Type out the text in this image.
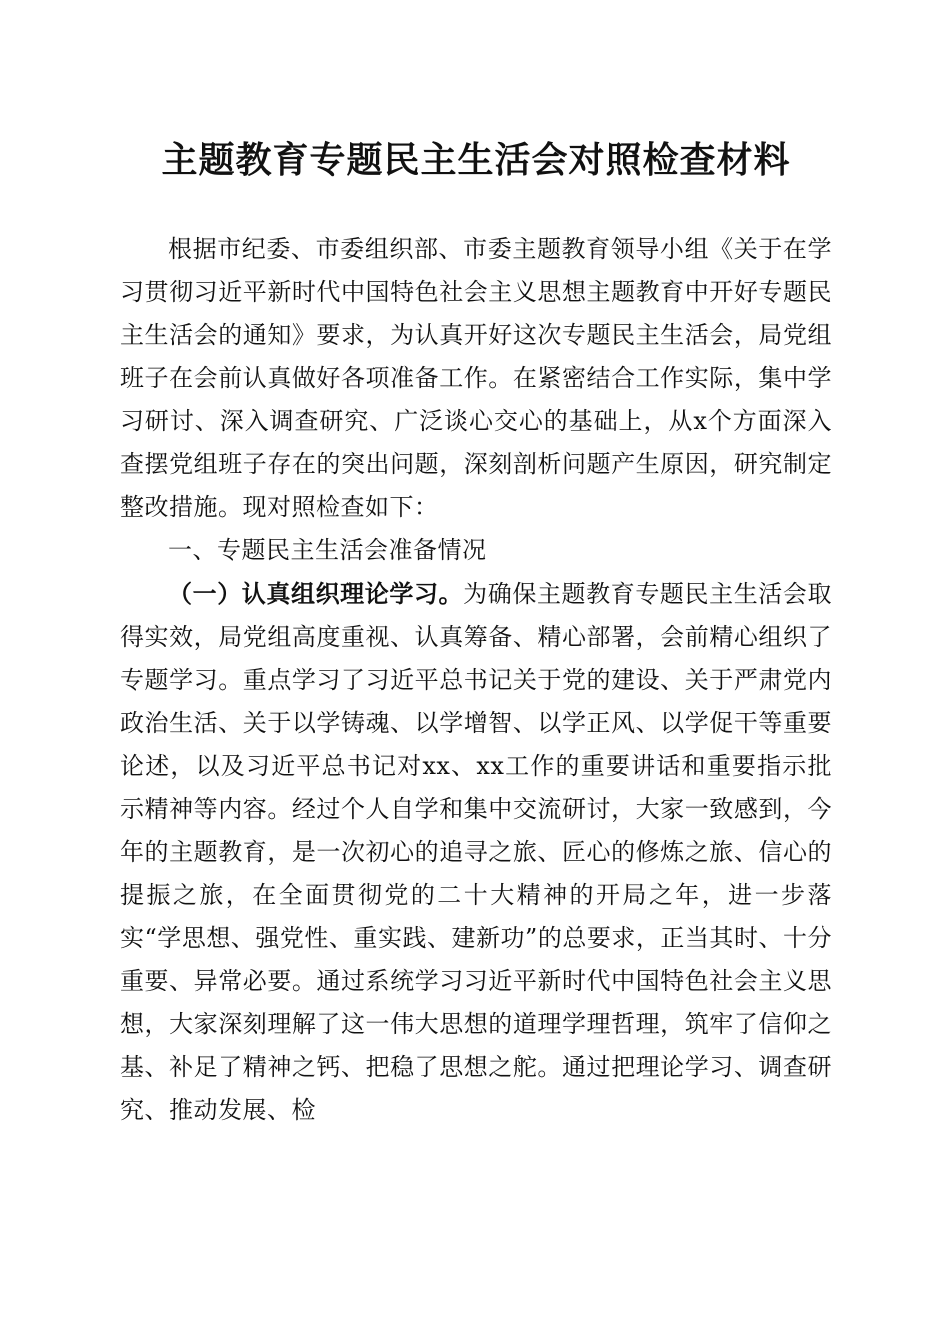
主题教育专题民主生活会对照检查材料

根据市纪委、市委组织部、市委主题教育领导小组《关于在学习贯彻习近平新时代中国特色社会主义思想主题教育中开好专题民主生活会的通知》要求，为认真开好这次专题民主生活会，局党组班子在会前认真做好各项准备工作。在紧密结合工作实际，集中学习研讨、深入调查研究、广泛谈心交心的基础上，从x个方面深入查摆党组班子存在的突出问题，深刻剖析问题产生原因，研究制定整改措施。现对照检查如下：

一、专题民主生活会准备情况

（一）认真组织理论学习。为确保主题教育专题民主生活会取得实效，局党组高度重视、认真筹备、精心部署，会前精心组织了专题学习。重点学习了习近平总书记关于党的建设、关于严肃党内政治生活、关于以学铸魂、以学增智、以学正风、以学促干等重要论述，以及习近平总书记对xx、xx工作的重要讲话和重要指示批示精神等内容。经过个人自学和集中交流研讨，大家一致感到，今年的主题教育，是一次初心的追寻之旅、匠心的修炼之旅、信心的提振之旅，在全面贯彻党的二十大精神的开局之年，进一步落实“学思想、强党性、重实践、建新功”的总要求，正当其时、十分重要、异常必要。通过系统学习习近平新时代中国特色社会主义思想，大家深刻理解了这一伟大思想的道理学理哲理，筑牢了信仰之基、补足了精神之钙、把稳了思想之舵。通过把理论学习、调查研究、推动发展、检
